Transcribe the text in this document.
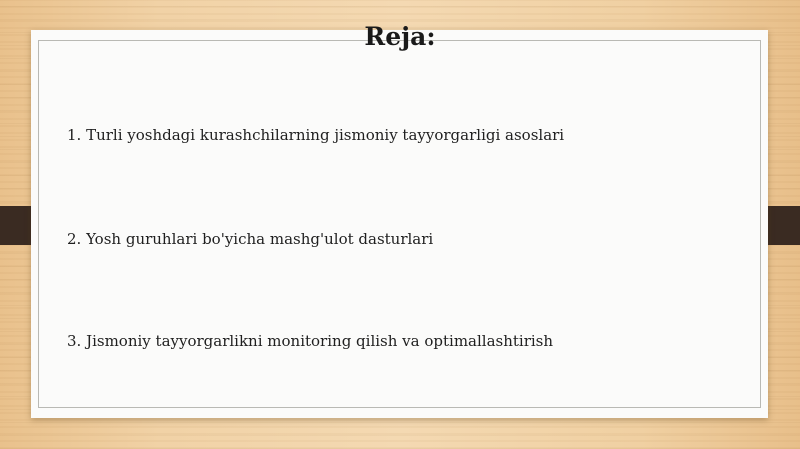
Reja:
1. Turli yoshdagi kurashchilarning jismoniy tayyorgarligi asoslari
2. Yosh guruhlari bo'yicha mashg'ulot dasturlari
3. Jismoniy tayyorgarlikni monitoring qilish va optimallashtirish
